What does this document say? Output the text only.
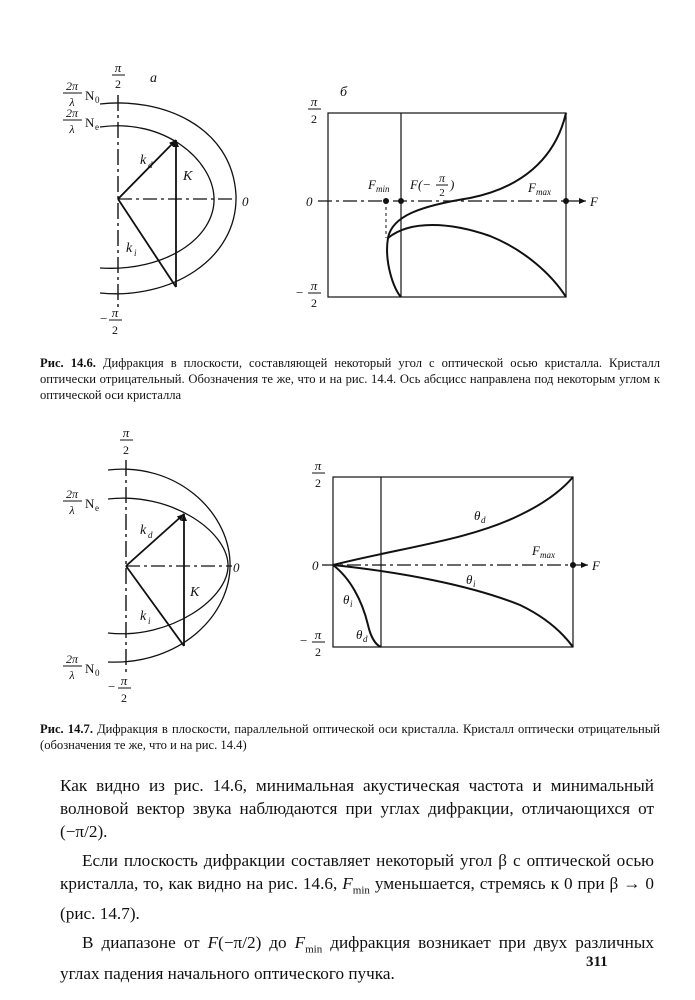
a
π
2
2π
λ N 0
2π
λ N e
k d
k i
K
0
− π
2
б
π
2
0
− π
2
F min F(− π
2
)	F max
F
Рис. 14.6. Дифракция в плоскости, составляющей некоторый угол с оптической осью кристалла. Кристалл оптически отрицательный. Обозначения те же, что и на рис. 14.4. Ось абсцисс направлена под некоторым углом к оптической оси кристалла
π
2
2π
λ N e
2π
λ N 0
k d
k i
K
0
− π
2
π
2
0
− π
2
θ d
F max
θ i
θ i
θ d
F
Рис. 14.7. Дифракция в плоскости, параллельной оптической оси кристалла. Кристалл оптически отрицательный (обозначения те же, что и на рис. 14.4)

Как видно из рис. 14.6, минимальная акустическая частота и минимальный волновой вектор звука наблюдаются при углах дифракции, отличающихся от (−π/2).

Если плоскость дифракции составляет некоторый угол β с оптической осью кристалла, то, как видно на рис. 14.6, $F_{min}$ уменьшается, стремясь к 0 при β → 0 (рис. 14.7).

В диапазоне от F(−π/2) до $F_{min}$ дифракция возникает при двух различных углах падения начального оптического пучка.

311
